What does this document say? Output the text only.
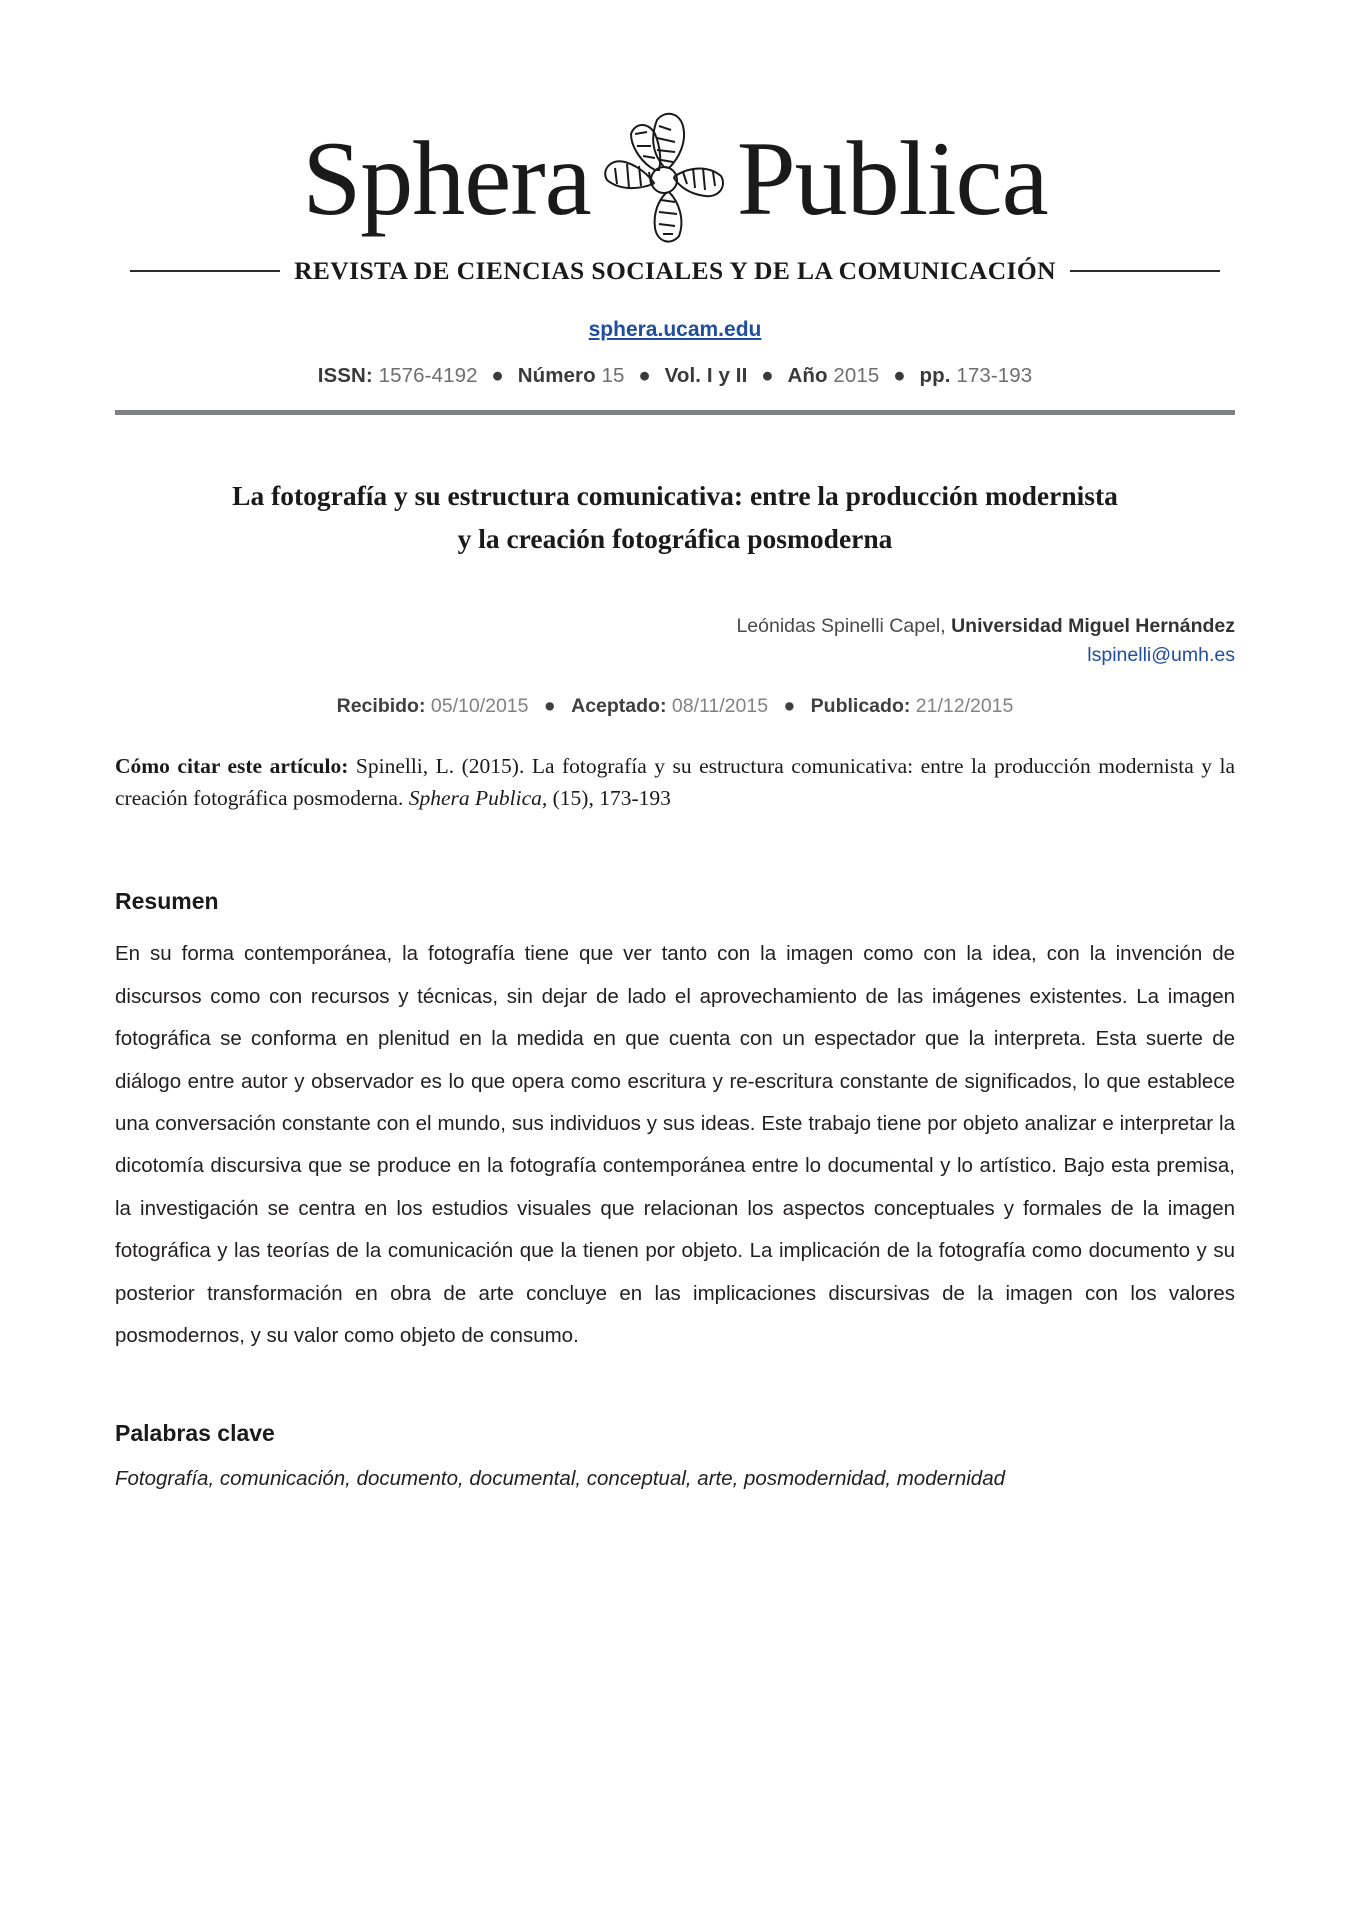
Sphera Publica
REVISTA DE CIENCIAS SOCIALES Y DE LA COMUNICACIÓN
sphera.ucam.edu
ISSN: 1576-4192 ● Número 15 ● Vol. I y II ● Año 2015 ● pp. 173-193
La fotografía y su estructura comunicativa: entre la producción modernista
y la creación fotográfica posmoderna
Leónidas Spinelli Capel, Universidad Miguel Hernández
lspinelli@umh.es
Recibido: 05/10/2015 ● Aceptado: 08/11/2015 ● Publicado: 21/12/2015
Cómo citar este artículo: Spinelli, L. (2015). La fotografía y su estructura comunicativa: entre la producción modernista y la creación fotográfica posmoderna. Sphera Publica, (15), 173-193
Resumen
En su forma contemporánea, la fotografía tiene que ver tanto con la imagen como con la idea, con la invención de discursos como con recursos y técnicas, sin dejar de lado el aprovechamiento de las imágenes existentes. La imagen fotográfica se conforma en plenitud en la medida en que cuenta con un espectador que la interpreta. Esta suerte de diálogo entre autor y observador es lo que opera como escritura y re-escritura constante de significados, lo que establece una conversación constante con el mundo, sus individuos y sus ideas. Este trabajo tiene por objeto analizar e interpretar la dicotomía discursiva que se produce en la fotografía contemporánea entre lo documental y lo artístico. Bajo esta premisa, la investigación se centra en los estudios visuales que relacionan los aspectos conceptuales y formales de la imagen fotográfica y las teorías de la comunicación que la tienen por objeto. La implicación de la fotografía como documento y su posterior transformación en obra de arte concluye en las implicaciones discursivas de la imagen con los valores posmodernos, y su valor como objeto de consumo.
Palabras clave
Fotografía, comunicación, documento, documental, conceptual, arte, posmodernidad, modernidad
